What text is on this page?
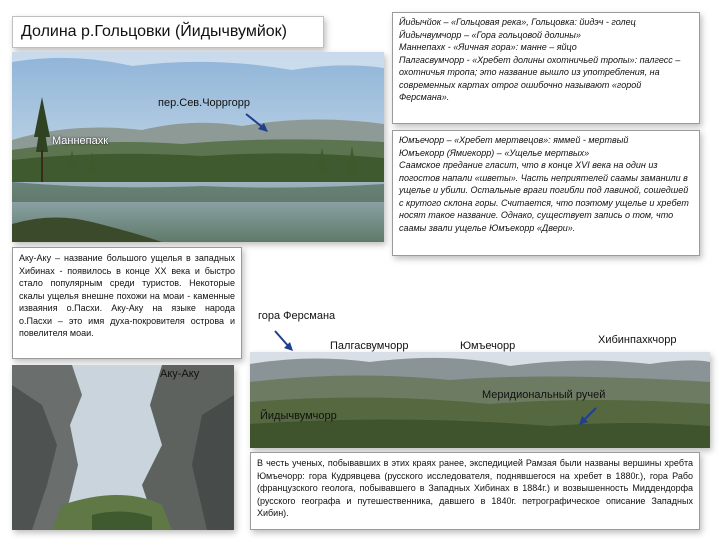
Долина р.Гольцовки (Йидычвумйок)
пер.Сев.Чорргорр
Маннепахк
Йидычйок – «Гольцовая река», Гольцовка: йидэч - голец
Йидычвумчорр – «Гора гольцовой долины»
Маннепахк - «Яичная гора»: манне – яйцо
Палгасвумчорр - «Хребет долины охотничьей тропы»: палгесс – охотничья тропа; это название вышло из употребления, на современных картах отрог ошибочно называют «горой Ферсмана».
Юмъечорр – «Хребет мертвецов»: яммей - мертвый
Юмъекорр (Ямиекорр) – «Ущелье мертвых»
Саамское предание гласит, что в конце XVI века на один из погостов напали «шветы». Часть неприятелей саамы заманили в ущелье и убили. Остальные враги погибли под лавиной, сошедшей с крутого склона горы. Считается, что поэтому ущелье и хребет носят такое название. Однако, существует запись о том, что саамы звали ущелье Юмъекорр «Двери».
Аку-Аку – название большого ущелья в западных Хибинах - появилось в конце XX века и быстро стало популярным среди туристов. Некоторые скалы ущелья внешне похожи на моаи - каменные изваяния о.Пасхи. Аку-Аку на языке народа о.Пасхи – это имя духа-покровителя острова и повелителя моаи.
Аку-Аку
гора Ферсмана
Палгасвумчорр	Юмъечорр	Хибинпахкчорр
Меридиональный ручей
Йидычвумчорр
В честь ученых, побывавших в этих краях ранее, экспедицией Рамзая были названы вершины хребта Юмъечорр: гора Кудрявцева (русского исследователя, поднявшегося на хребет в 1880г.), гора Рабо (французского геолога, побывавшего в Западных Хибинах в 1884г.) и возвышенность Миддендорфа (русского географа и путешественника, давшего в 1840г. петрографическое описание Западных Хибин).
